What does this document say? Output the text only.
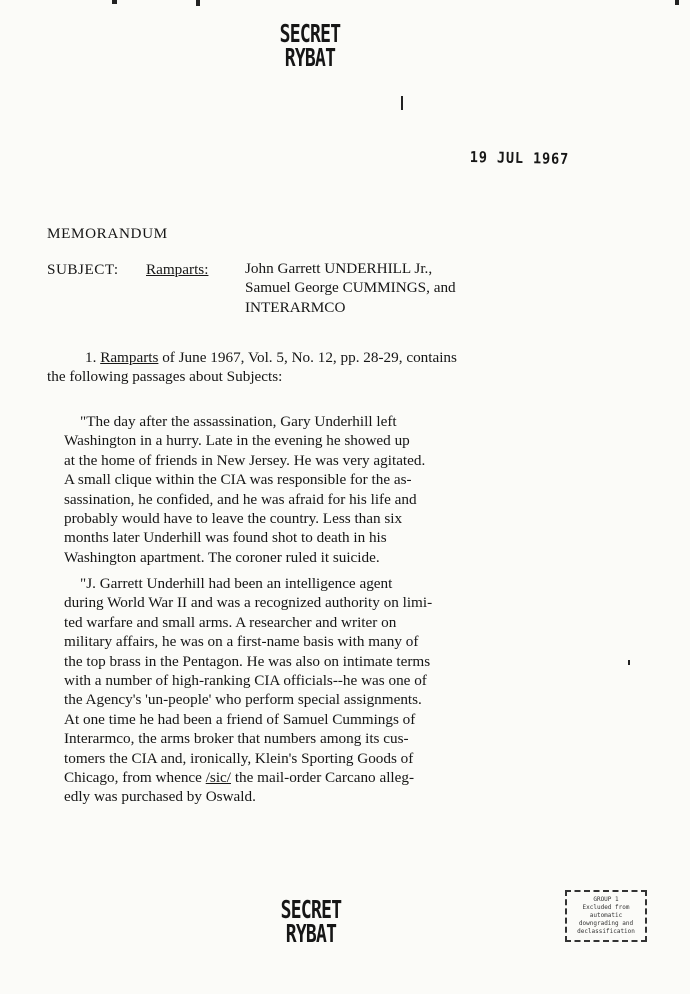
SECRET
RYBAT
19 JUL 1967
MEMORANDUM
SUBJECT: Ramparts: John Garrett UNDERHILL Jr.,
Samuel George CUMMINGS, and
INTERARMCO
1. Ramparts of June 1967, Vol. 5, No. 12, pp. 28-29, contains
the following passages about Subjects:
"The day after the assassination, Gary Underhill left
Washington in a hurry. Late in the evening he showed up
at the home of friends in New Jersey. He was very agitated.
A small clique within the CIA was responsible for the as-
sassination, he confided, and he was afraid for his life and
probably would have to leave the country. Less than six
months later Underhill was found shot to death in his
Washington apartment. The coroner ruled it suicide.
"J. Garrett Underhill had been an intelligence agent
during World War II and was a recognized authority on limi-
ted warfare and small arms. A researcher and writer on
military affairs, he was on a first-name basis with many of
the top brass in the Pentagon. He was also on intimate terms
with a number of high-ranking CIA officials--he was one of
the Agency's 'un-people' who perform special assignments.
At one time he had been a friend of Samuel Cummings of
Interarmco, the arms broker that numbers among its cus-
tomers the CIA and, ironically, Klein's Sporting Goods of
Chicago, from whence /sic/ the mail-order Carcano alleg-
edly was purchased by Oswald.
SECRET
RYBAT
GROUP 1
Excluded from automatic
downgrading and
declassification
